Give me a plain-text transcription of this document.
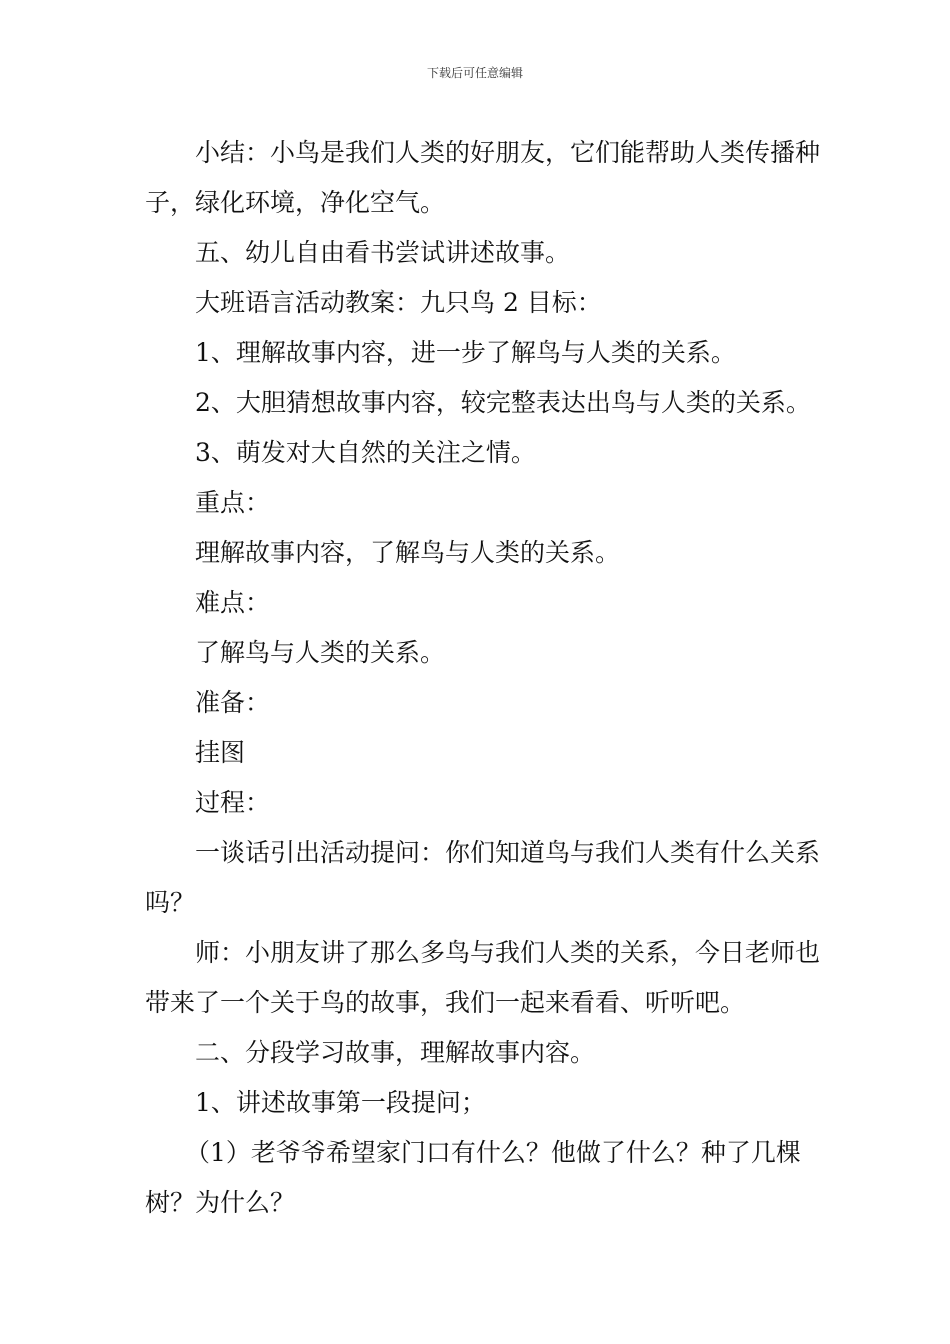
下载后可任意编辑

小结：小鸟是我们人类的好朋友，它们能帮助人类传播种子，绿化环境，净化空气。

五、幼儿自由看书尝试讲述故事。

大班语言活动教案：九只鸟 2 目标：

1、理解故事内容，进一步了解鸟与人类的关系。

2、大胆猜想故事内容，较完整表达出鸟与人类的关系。

3、萌发对大自然的关注之情。

重点：

理解故事内容，了解鸟与人类的关系。

难点：

了解鸟与人类的关系。

准备：

挂图

过程：

一谈话引出活动提问：你们知道鸟与我们人类有什么关系吗？

师：小朋友讲了那么多鸟与我们人类的关系，今日老师也带来了一个关于鸟的故事，我们一起来看看、听听吧。

二、分段学习故事，理解故事内容。

1、讲述故事第一段提问；

（1）老爷爷希望家门口有什么？他做了什么？种了几棵树？为什么？
